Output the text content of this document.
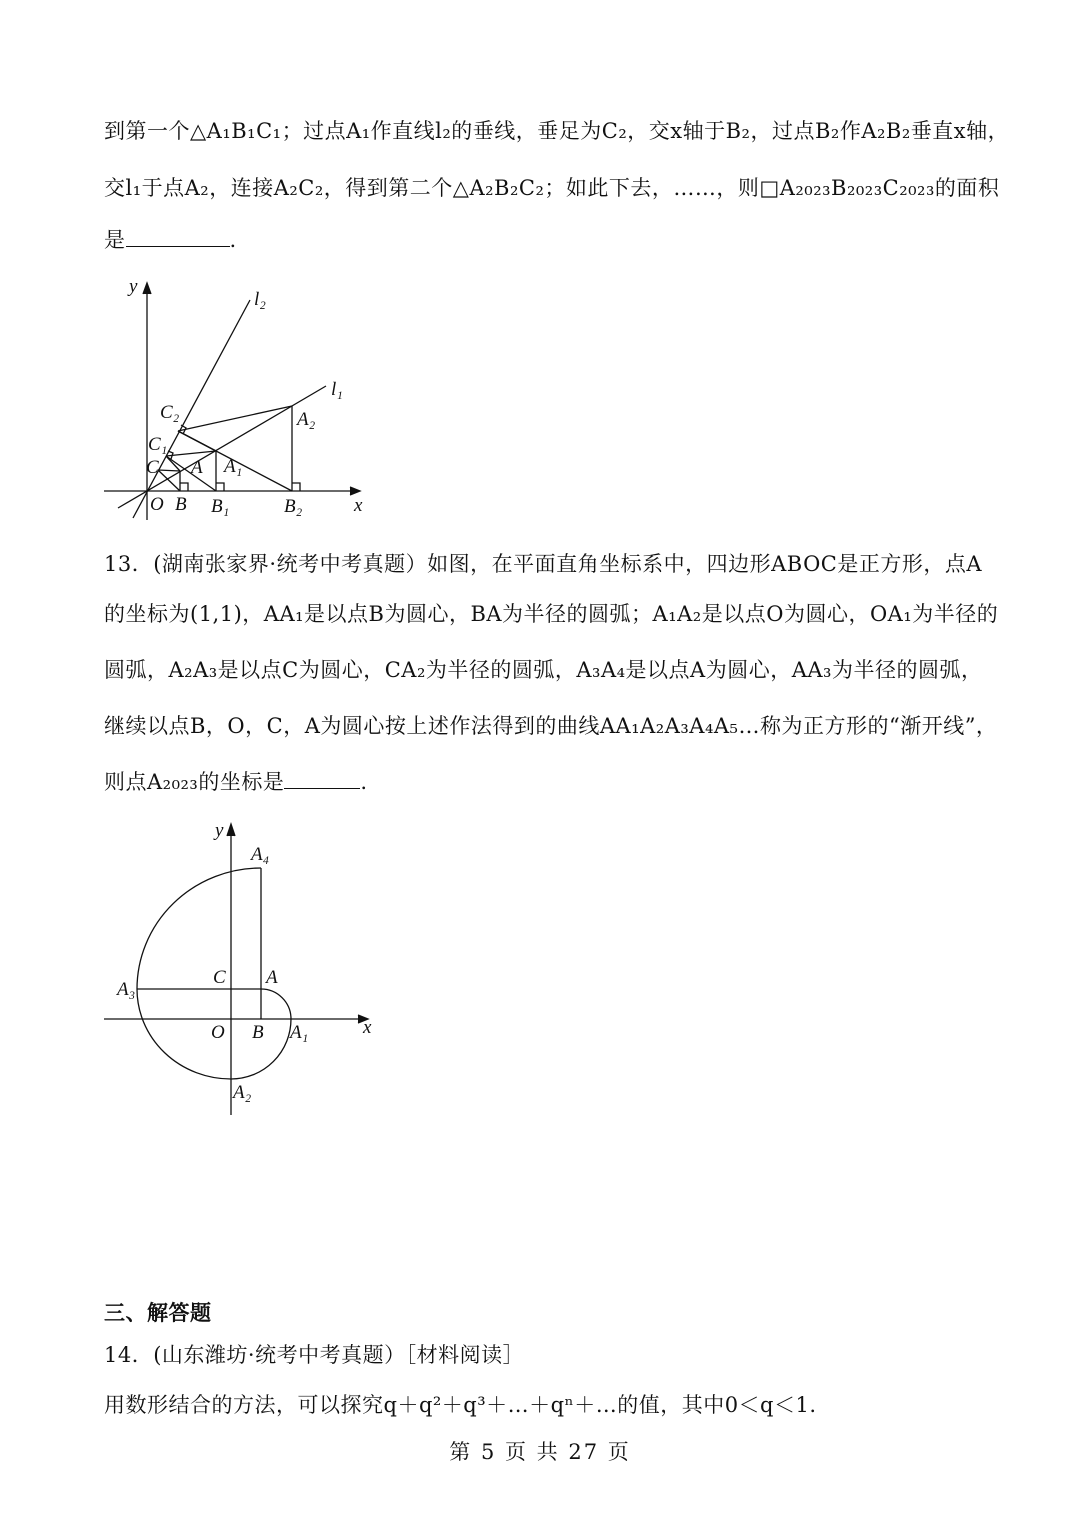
到第一个△A₁B₁C₁；过点A₁作直线l₂的垂线，垂足为C₂，交x轴于B₂，过点B₂作A₂B₂垂直x轴，
交l₁于点A₂，连接A₂C₂，得到第二个△A₂B₂C₂；如此下去，……，则□A₂₀₂₃B₂₀₂₃C₂₀₂₃的面积
是	.
y
l₂
l₁
C₂	A₂
C₁
C A A₁
O B B₁	B₂	x
13．(湖南张家界·统考中考真题）如图，在平面直角坐标系中，四边形ABOC是正方形，点A
的坐标为(1,1)，AA₁是以点B为圆心，BA为半径的圆弧；A₁A₂是以点O为圆心，OA₁为半径的
圆弧，A₂A₃是以点C为圆心，CA₂为半径的圆弧，A₃A₄是以点A为圆心，AA₃为半径的圆弧，
继续以点B，O，C，A为圆心按上述作法得到的曲线AA₁A₂A₃A₄A₅…称为正方形的“渐开线”，
则点A₂₀₂₃的坐标是	.
y
A₄
C A
A₃
O B A₁	x
A₂
三、解答题
14．(山东潍坊·统考中考真题）［材料阅读］
用数形结合的方法，可以探究q＋q²＋q³＋…＋qⁿ＋…的值，其中0＜q＜1.
第 5 页 共 27 页
